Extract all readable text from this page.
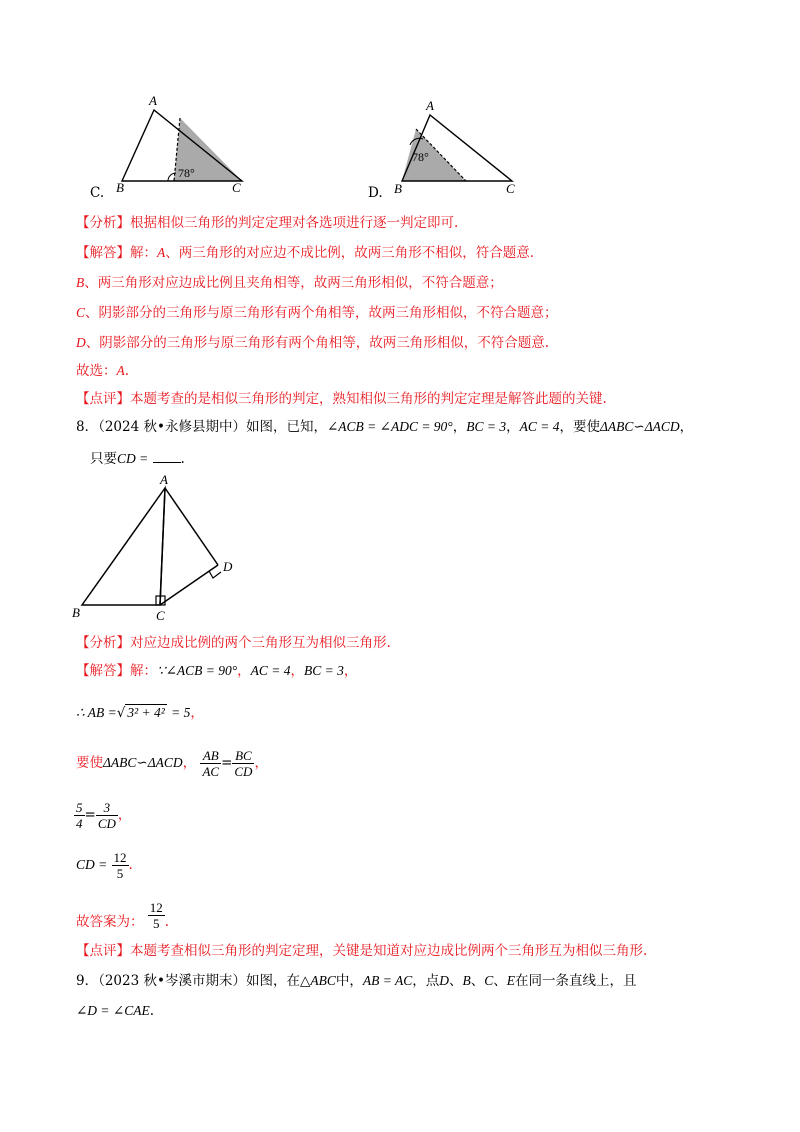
C.
A
B	C
78°
D.
A
B	C
78°
【分析】根据相似三角形的判定定理对各选项进行逐一判定即可.
【解答】解：A、两三角形的对应边不成比例，故两三角形不相似，符合题意.
B、两三角形对应边成比例且夹角相等，故两三角形相似，不符合题意；
C、阴影部分的三角形与原三角形有两个角相等，故两三角形相似，不符合题意；
D、阴影部分的三角形与原三角形有两个角相等，故两三角形相似，不符合题意.
故选：A.
【点评】本题考查的是相似三角形的判定，熟知相似三角形的判定定理是解答此题的关键.
8．（2024 秋•永修县期中）如图，已知，∠ACB = ∠ADC = 90°，BC = 3，AC = 4，要使ΔABC∽ΔACD，
只要CD = .
A
B	C
D
【分析】对应边成比例的两个三角形互为相似三角形.
【解答】解：∵∠ACB = 90°，AC = 4，BC = 3，
∴ AB =√ 3² + 4² = 5，
要使ΔABC∽ΔACD， $\frac{AB}{AC} = \frac{BC}{CD}$ ，
$\frac{5}{4} = \frac{3}{CD}$ ，
CD = $\frac{12}{5}$ .
故答案为： $\frac{12}{5}$ .
【点评】本题考查相似三角形的判定定理，关键是知道对应边成比例两个三角形互为相似三角形.
9．（2023 秋•岑溪市期末）如图，在△ABC中，AB = AC，点D、B、C、E在同一条直线上，且
∠D = ∠CAE.
